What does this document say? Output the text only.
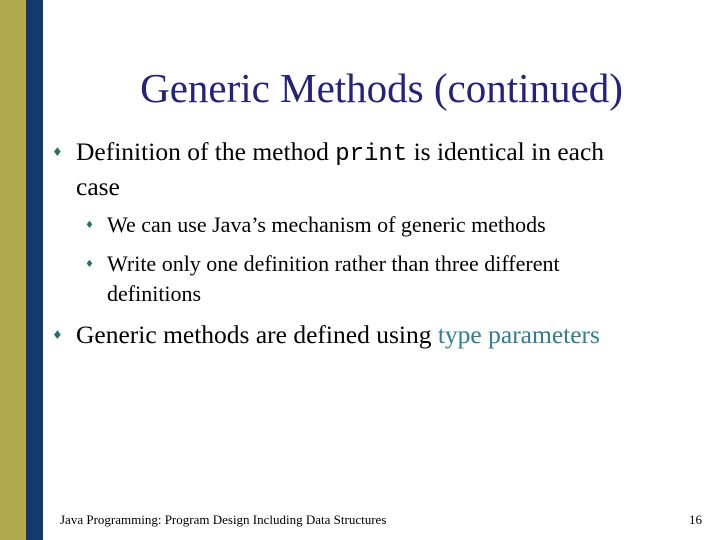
Generic Methods (continued)
♦ Definition of the method print is identical in each
case
♦ We can use Java’s mechanism of generic methods
♦ Write only one definition rather than three different
definitions
♦ Generic methods are defined using type parameters
Java Programming: Program Design Including Data Structures	16
